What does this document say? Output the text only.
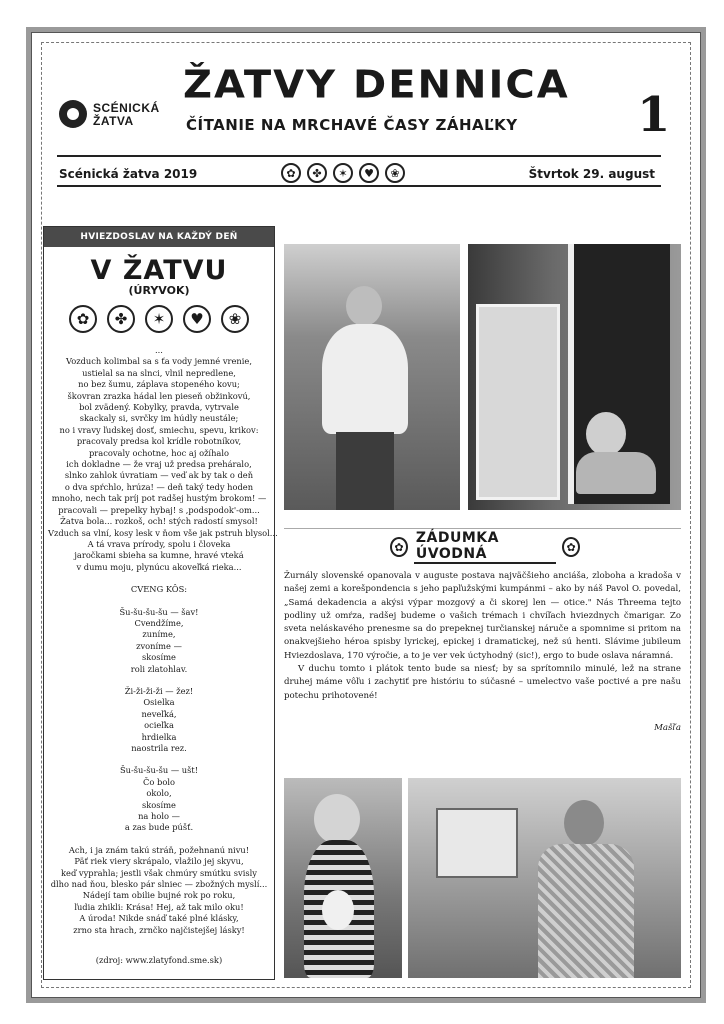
SCÉNICKÁ ŽATVA
ŽATVY DENNICA
ČÍTANIE NA MRCHAVÉ ČASY ZÁHAĽKY 1
Scénická žatva 2019	✿	✤	✶	♥	❀	Štvrtok 29. august
HVIEZDOSLAV NA KAŽDÝ DEŇ
V ŽATVU
(ÚRYVOK)
✿	✤	✶	♥	❀
...
Vozduch kolimbal sa s ťa vody jemné vrenie,
ustielal sa na slnci, vlnil nepredlene,
no bez šumu, záplava stopeného kovu;
škovran zrazka hádal len pieseň obžinkovú,
bol zvädený. Kobylky, pravda, vytrvale
skackaly si, svrčky im húdly neustále;
no i vravy ľudskej dosť, smiechu, spevu, krikov:
pracovaly predsa kol krídle robotníkov,
pracovaly ochotne, hoc aj ožíhalo
ich dokladne — že vraj už predsa preháralo,
slnko zahlok úvratiam — veď ak by tak o deň
o dva spŕchlo, hrúza! — deň taký tedy hoden
mnoho, nech tak príj pot radšej hustým brokom! —
pracovali — prepelky hybaj! s ,podspodok'-om...
Žatva bola... rozkoš, och! stých radostí smysol!
Vzduch sa vlní, kosy lesk v ňom vše jak pstruh blysol...
A tá vravа prírody, spolu i človeka
jaročkami sbieha sa kumne, hravé vteká
v dumu moju, plynúcu akoveľká rieka...
CVENG KÔS:
Šu-šu-šu-šu — šav!
Cvendžíme,
zuníme,
zvoníme —
skosíme
roli zlatohlav.
Ži-ži-ži-ži — žez!
Osielka
neveľká,
ocieľka
hrdielka
naostrila rez.
Šu-šu-šu-šu — ušt!
Čo bolo
okolo,
skosíme
na holo —
a zas bude púšť.
Ach, i ja znám takú stráň, požehnanú nivu!
Päť riek viery skrápalo, vlažilo jej skyvu,
keď vyprahla; jestli však chmúry smútku svisly
dlho nad ňou, blesko pár slnieс — zbožných myslí...
Nádejí tam obilie bujné rok po roku,
ľudia zhikli: Krása! Hej, až tak milo oku!
A úroda! Nikde snáď také plné klásky,
zrno sta hrach, zrnčko najčistejšej lásky!
(zdroj: www.zlatyfond.sme.sk)
✿
ZÁDUMKA ÚVODNÁ	✿

Žurnály slovenské opanovala v auguste postava najväčšieho anciáša, zloboha a kradoša v našej zemi a korešpondencia s jeho papľužskými kumpánmi – ako by náš Pavol O. povedal, „Samá dekadencia a akýsi výpar mozgový a či skorej len — otice." Nás Threema tejto podliny už omŕza, radšej budeme o vašich trémach i chvíľach hviezdnych čmarigar. Zo sveta neláskavého prenesme sa do prepeknej turčianskej náruče a spomnime si pritom na onakvejšieho héroa spisby lyrickej, epickej i dramatickej, než sú henti. Slávime jubileum Hviezdoslava, 170 výročie, a to je ver vek úctyhodný (sic!), ergo to bude oslava náramná.

V duchu tomto i plátok tento bude sa niesť; by sa sprítomnilo minulé, lež na strane druhej máme vôľu i zachytiť pre históriu to súčasné – umelectvo vaše poctivé a pre našu potechu prihotovené!

Mašľa
